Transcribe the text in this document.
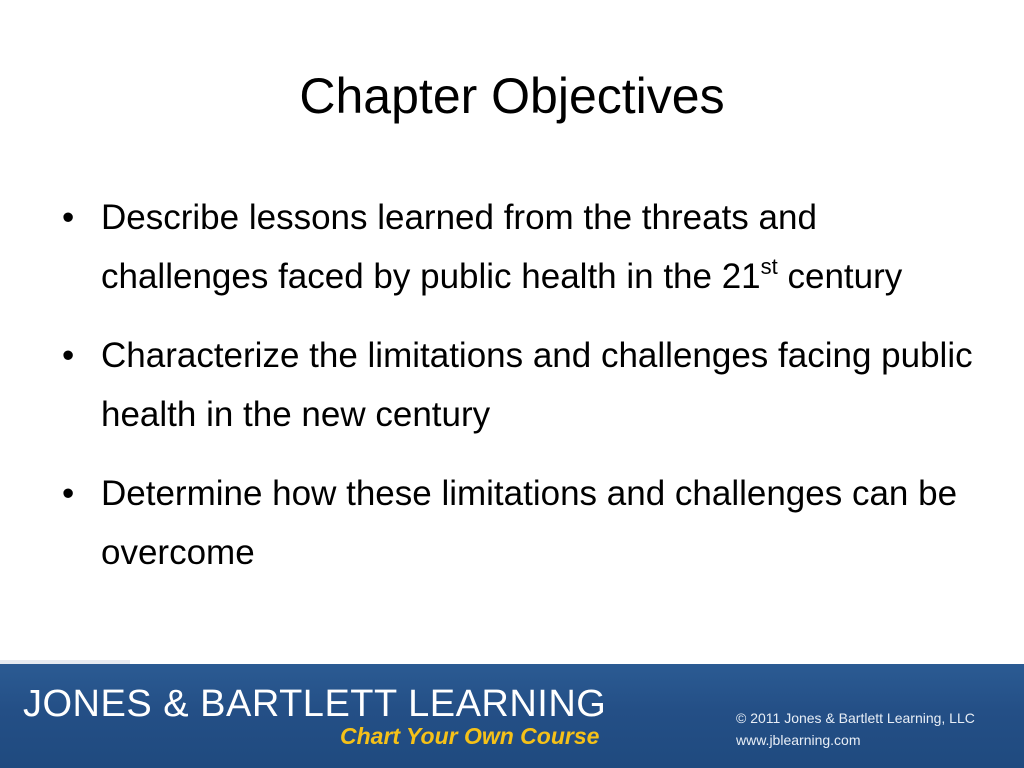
Chapter Objectives
• Describe lessons learned from the threats and challenges faced by public health in the 21st century
• Characterize the limitations and challenges facing public health in the new century
• Determine how these limitations and challenges can be overcome

JONES & BARTLETT LEARNING

Chart Your Own Course

© 2011 Jones & Bartlett Learning, LLC

www.jblearning.com
